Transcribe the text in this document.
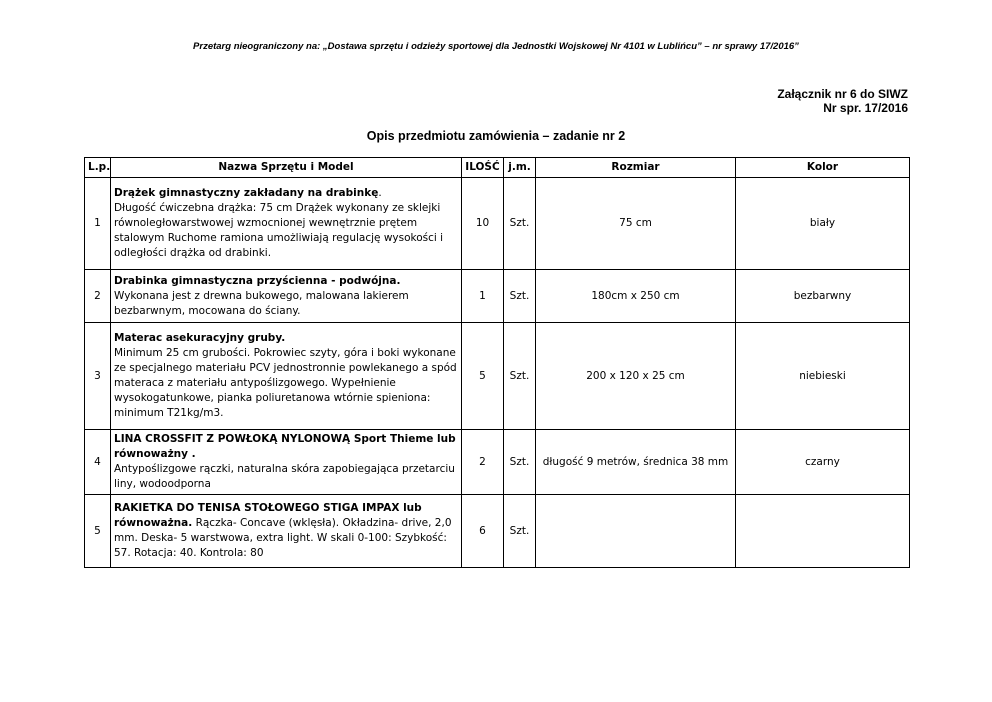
Przetarg nieograniczony na: „Dostawa sprzętu i odzieży sportowej dla Jednostki Wojskowej Nr 4101 w Lublińcu” – nr sprawy 17/2016”
Załącznik nr 6 do SIWZ
Nr spr. 17/2016
Opis przedmiotu zamówienia – zadanie nr 2
L.p.	Nazwa Sprzętu i Model	ILOŚĆ	j.m.	Rozmiar	Kolor
1	Drążek gimnastyczny zakładany na drabinkę.
Długość ćwiczebna drążka: 75 cm Drążek wykonany ze sklejki równoległowarstwowej wzmocnionej wewnętrznie prętem stalowym Ruchome ramiona umożliwiają regulację wysokości i odległości drążka od drabinki.	10	Szt.	75 cm	biały
2	Drabinka gimnastyczna przyścienna - podwójna.
Wykonana jest z drewna bukowego, malowana lakierem bezbarwnym, mocowana do ściany.	1	Szt.	180cm x 250 cm	bezbarwny
3	Materac asekuracyjny gruby.
Minimum 25 cm grubości. Pokrowiec szyty, góra i boki wykonane ze specjalnego materiału PCV jednostronnie powlekanego a spód materaca z materiału antypoślizgowego. Wypełnienie wysokogatunkowe, pianka poliuretanowa wtórnie spieniona: minimum T21kg/m3.	5	Szt.	200 x 120 x 25 cm	niebieski
4	LINA CROSSFIT Z POWŁOKĄ NYLONOWĄ Sport Thieme lub równoważny .
Antypoślizgowe rączki, naturalna skóra zapobiegająca przetarciu liny, wodoodporna	2	Szt.	długość 9 metrów, średnica 38 mm	czarny
5	RAKIETKA DO TENISA STOŁOWEGO STIGA IMPAX lub równoważna. Rączka- Concave (wklęsła). Okładzina- drive, 2,0 mm. Deska- 5 warstwowa, extra light. W skali 0-100: Szybkość: 57. Rotacja: 40. Kontrola: 80	6	Szt.		
